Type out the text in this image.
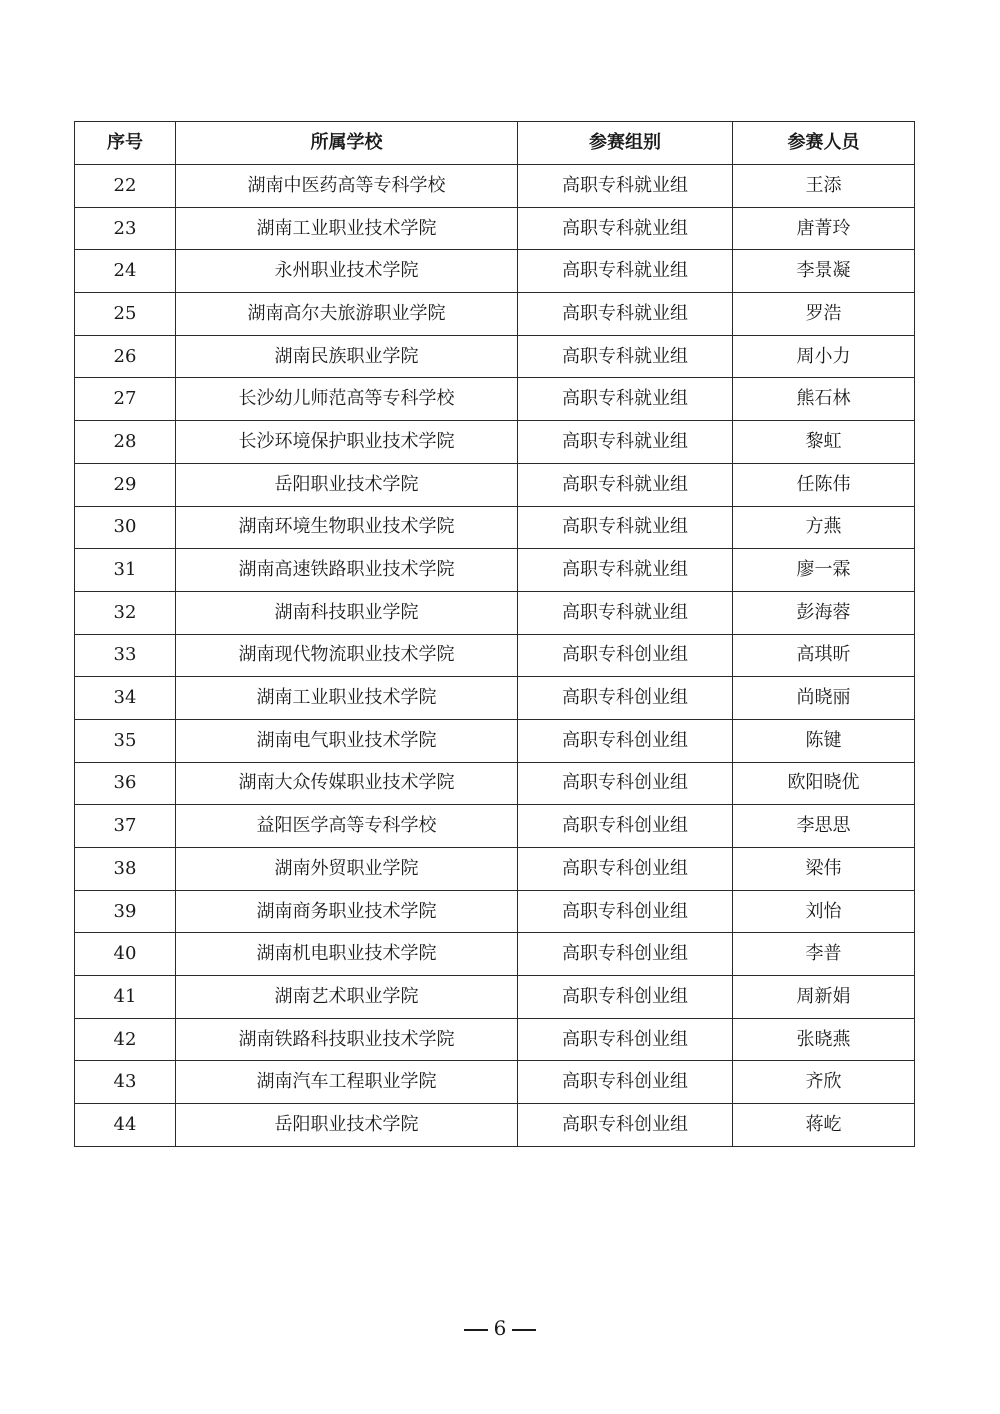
序号	所属学校	参赛组别	参赛人员
22	湖南中医药高等专科学校	高职专科就业组	王添
23	湖南工业职业技术学院	高职专科就业组	唐菁玲
24	永州职业技术学院	高职专科就业组	李景凝
25	湖南高尔夫旅游职业学院	高职专科就业组	罗浩
26	湖南民族职业学院	高职专科就业组	周小力
27	长沙幼儿师范高等专科学校	高职专科就业组	熊石林
28	长沙环境保护职业技术学院	高职专科就业组	黎虹
29	岳阳职业技术学院	高职专科就业组	任陈伟
30	湖南环境生物职业技术学院	高职专科就业组	方燕
31	湖南高速铁路职业技术学院	高职专科就业组	廖一霖
32	湖南科技职业学院	高职专科就业组	彭海蓉
33	湖南现代物流职业技术学院	高职专科创业组	高琪昕
34	湖南工业职业技术学院	高职专科创业组	尚晓丽
35	湖南电气职业技术学院	高职专科创业组	陈键
36	湖南大众传媒职业技术学院	高职专科创业组	欧阳晓优
37	益阳医学高等专科学校	高职专科创业组	李思思
38	湖南外贸职业学院	高职专科创业组	梁伟
39	湖南商务职业技术学院	高职专科创业组	刘怡
40	湖南机电职业技术学院	高职专科创业组	李普
41	湖南艺术职业学院	高职专科创业组	周新娟
42	湖南铁路科技职业技术学院	高职专科创业组	张晓燕
43	湖南汽车工程职业学院	高职专科创业组	齐欣
44	岳阳职业技术学院	高职专科创业组	蒋屹
6
